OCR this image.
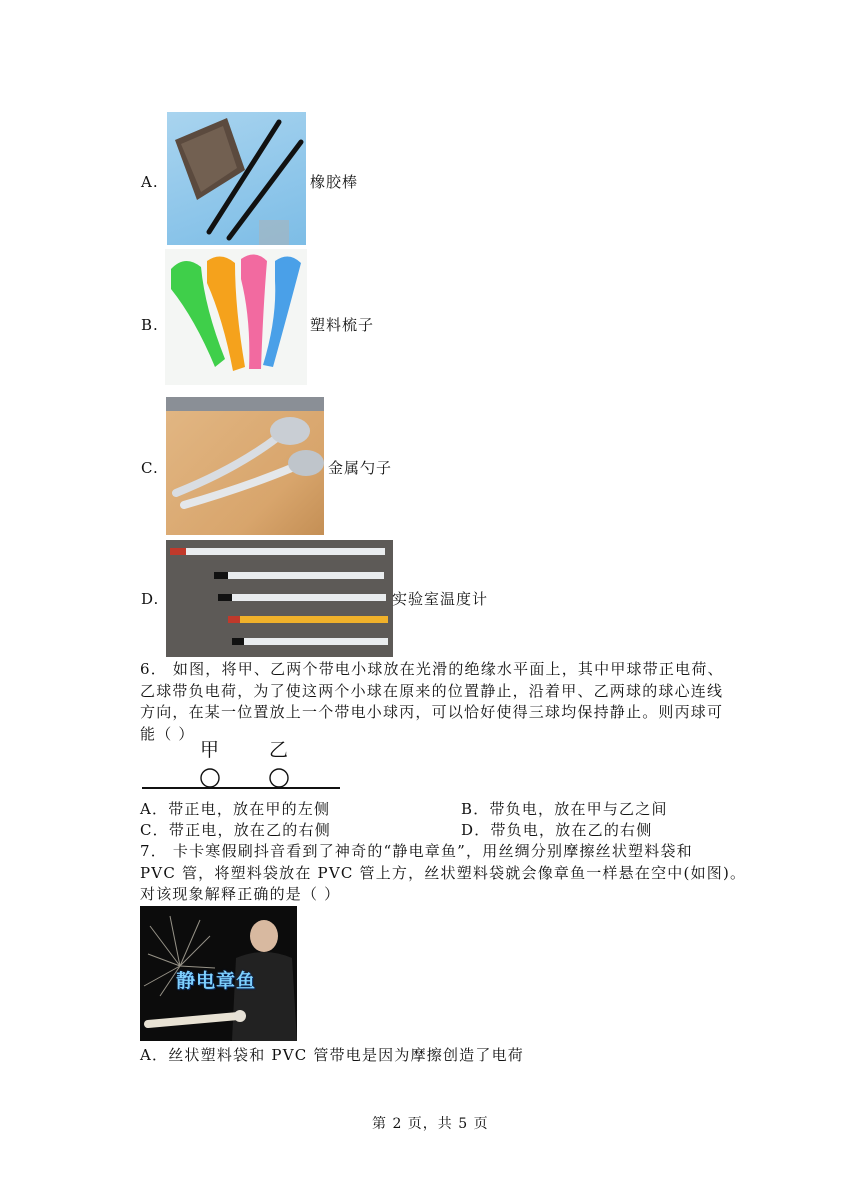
A.	橡胶棒
B.	塑料梳子
C.	金属勺子
D.	实验室温度计
6． 如图，将甲、乙两个带电小球放在光滑的绝缘水平面上，其中甲球带正电荷、
乙球带负电荷，为了使这两个小球在原来的位置静止，沿着甲、乙两球的球心连线
方向，在某一位置放上一个带电小球丙，可以恰好使得三球均保持静止。则丙球可
能（ ）
甲	乙
A．带正电，放在甲的左侧	B．带负电，放在甲与乙之间
C．带正电，放在乙的右侧	D．带负电，放在乙的右侧
7． 卡卡寒假刷抖音看到了神奇的“静电章鱼”，用丝绸分别摩擦丝状塑料袋和
PVC 管，将塑料袋放在 PVC 管上方，丝状塑料袋就会像章鱼一样悬在空中(如图)。
对该现象解释正确的是（ ）
静电章鱼
A．丝状塑料袋和 PVC 管带电是因为摩擦创造了电荷
第 2 页，共 5 页
